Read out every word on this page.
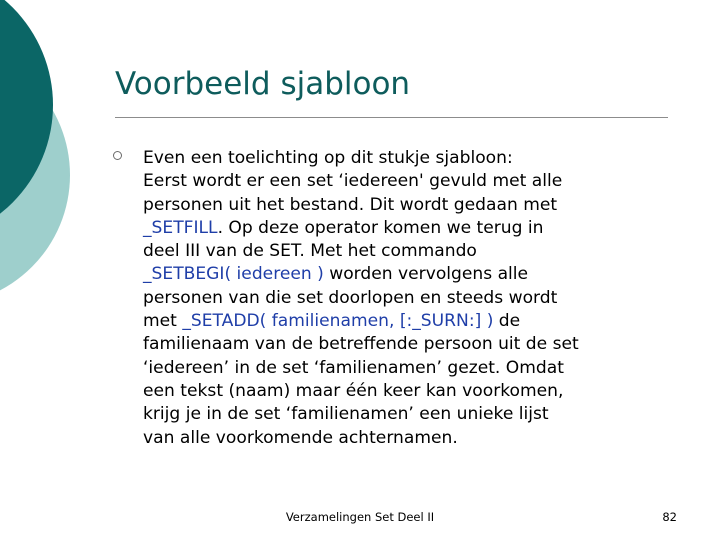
Voorbeeld sjabloon
Even een toelichting op dit stukje sjabloon:
Eerst wordt er een set ‘iedereen' gevuld met alle
personen uit het bestand. Dit wordt gedaan met
_SETFILL. Op deze operator komen we terug in
deel III van de SET. Met het commando
_SETBEGI( iedereen ) worden vervolgens alle
personen van die set doorlopen en steeds wordt
met _SETADD( familienamen, [:_SURN:] ) de
familienaam van de betreffende persoon uit de set
‘iedereen’ in de set ‘familienamen’ gezet. Omdat
een tekst (naam) maar één keer kan voorkomen,
krijg je in de set ‘familienamen’ een unieke lijst
van alle voorkomende achternamen.
Verzamelingen Set Deel II	82
